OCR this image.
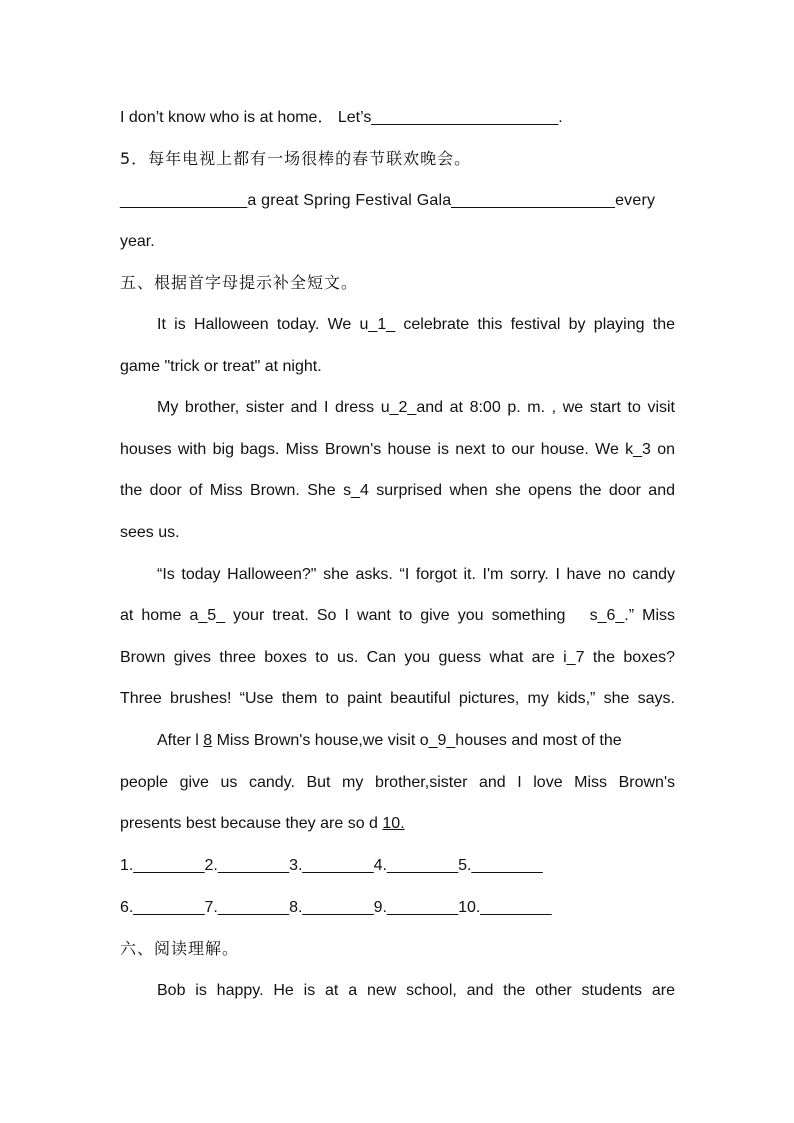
I don’t know who is at home． Let’s_____________________.
5．每年电视上都有一场很棒的春节联欢晚会。
______________a great Spring Festival Gala__________________every
year.
五、根据首字母提示补全短文。
It is Halloween today. We u_1_ celebrate this festival by playing the
game "trick or treat" at night.
My brother, sister and I dress u_2_and at 8:00 p. m. , we start to visit
houses with big bags. Miss Brown's house is next to our house. We k_3 on
the door of Miss Brown. She s_4 surprised when she opens the door and
sees us.
“Is today Halloween?" she asks. “I forgot it. I'm sorry. I have no candy
at home a_5_ your treat. So I want to give you something   s_6_.” Miss
Brown gives three boxes to us. Can you guess what are i_7 the boxes?
Three brushes! “Use them to paint beautiful pictures, my kids,” she says.
After l 8 Miss Brown's house,we visit o_9_houses and most of the
people give us candy. But my brother,sister and I love Miss Brown's
presents best because they are so d 10.
1.________2.________3.________4.________5.________
6.________7.________8.________9.________10.________
六、阅读理解。
Bob is happy. He is at a new school, and the other students are
